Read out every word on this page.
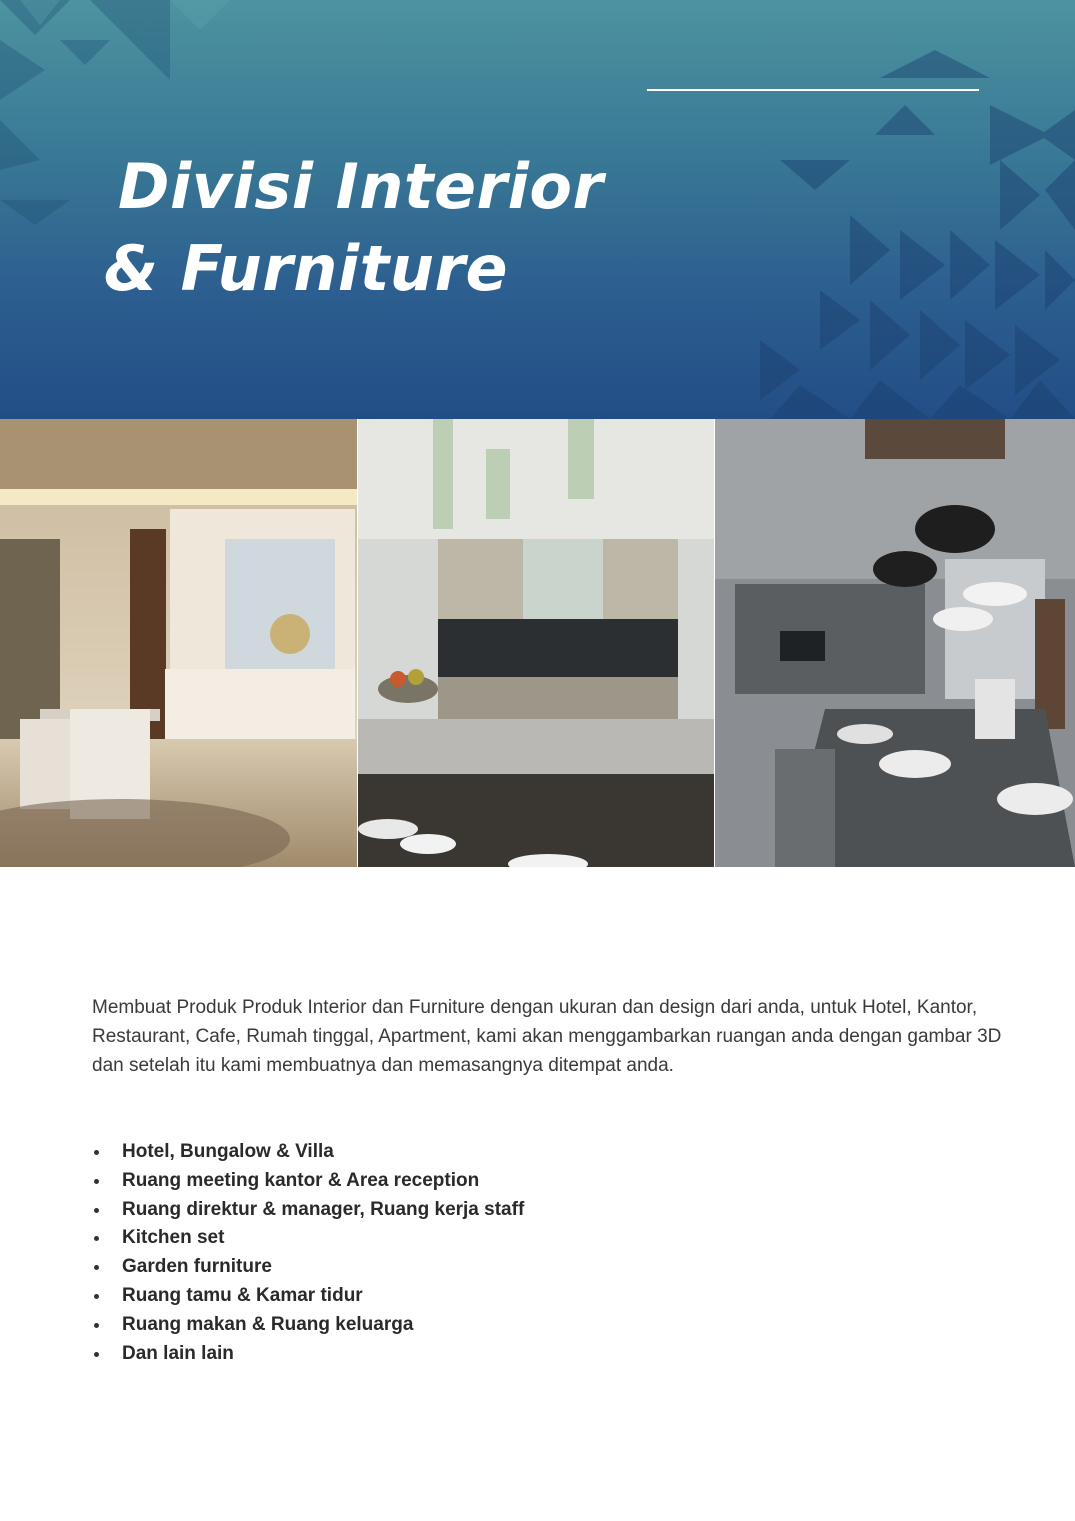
Divisi Interior
& Furniture
Membuat Produk Produk Interior dan Furniture dengan ukuran dan design dari anda, untuk Hotel, Kantor, Restaurant, Cafe, Rumah tinggal, Apartment, kami akan menggambarkan ruangan anda dengan gambar 3D dan setelah itu kami membuatnya dan memasangnya ditempat anda.
Hotel, Bungalow & Villa
Ruang meeting kantor & Area reception
Ruang direktur & manager, Ruang kerja staff
Kitchen set
Garden furniture
Ruang tamu & Kamar tidur
Ruang makan & Ruang keluarga
Dan lain lain
